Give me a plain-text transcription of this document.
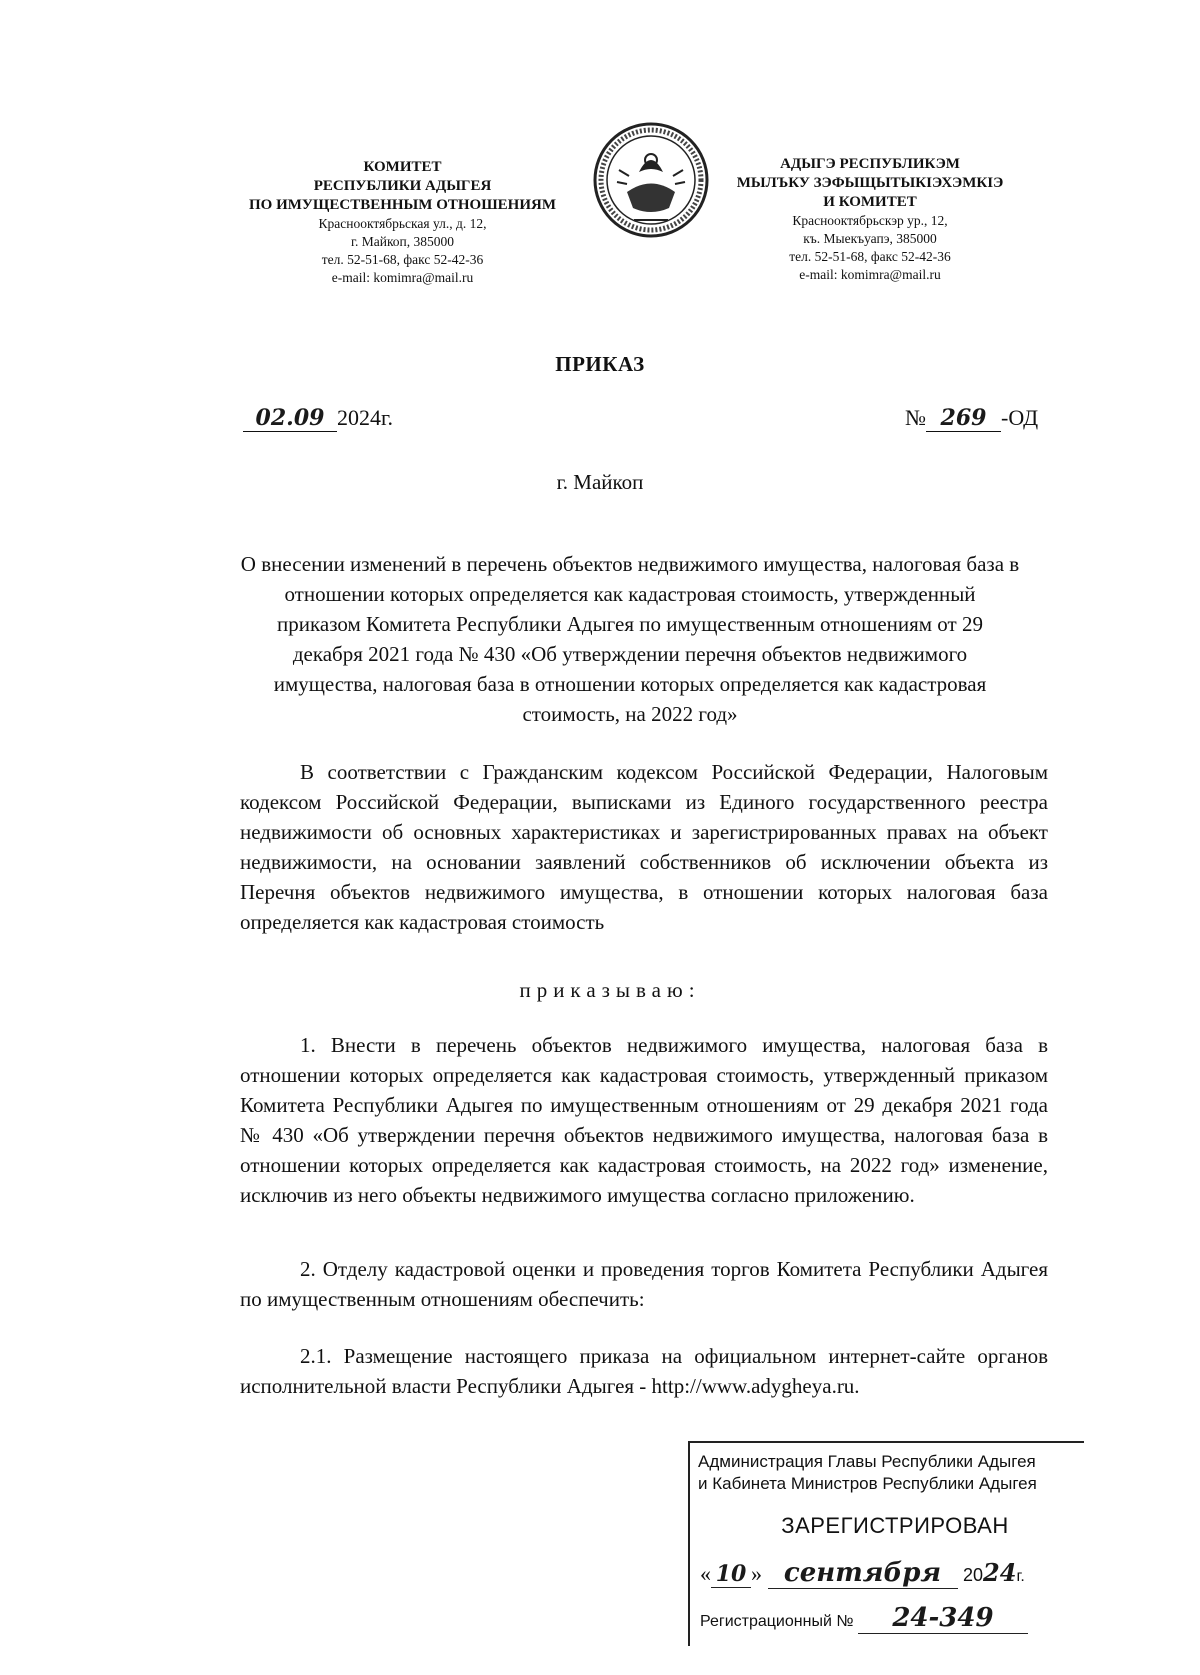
КОМИТЕТ
РЕСПУБЛИКИ АДЫГЕЯ
ПО ИМУЩЕСТВЕННЫМ ОТНОШЕНИЯМ
Краснооктябрьская ул., д. 12,
г. Майкоп, 385000
тел. 52-51-68, факс 52-42-36
e-mail: komimra@mail.ru
АДЫГЭ РЕСПУБЛИКЭМ
МЫЛЪКУ ЗЭФЫЩЫТЫКIЭХЭМКIЭ
И КОМИТЕТ
Краснооктябрьскэр ур., 12,
къ. Мыекъуапэ, 385000
тел. 52-51-68, факс 52-42-36
e-mail: komimra@mail.ru
ПРИКАЗ
02.09 2024г.	№ 269 -ОД
г. Майкоп
О внесении изменений в перечень объектов недвижимого имущества, налоговая база в отношении которых определяется как кадастровая стоимость, утвержденный приказом Комитета Республики Адыгея по имущественным отношениям от 29 декабря 2021 года № 430 «Об утверждении перечня объектов недвижимого имущества, налоговая база в отношении которых определяется как кадастровая стоимость, на 2022 год»
В соответствии с Гражданским кодексом Российской Федерации, Налоговым кодексом Российской Федерации, выписками из Единого государственного реестра недвижимости об основных характеристиках и зарегистрированных правах на объект недвижимости, на основании заявлений собственников об исключении объекта из Перечня объектов недвижимого имущества, в отношении которых налоговая база определяется как кадастровая стоимость
приказываю:
1. Внести в перечень объектов недвижимого имущества, налоговая база в отношении которых определяется как кадастровая стоимость, утвержденный приказом Комитета Республики Адыгея по имущественным отношениям от 29 декабря 2021 года № 430 «Об утверждении перечня объектов недвижимого имущества, налоговая база в отношении которых определяется как кадастровая стоимость, на 2022 год» изменение, исключив из него объекты недвижимого имущества согласно приложению.
2. Отделу кадастровой оценки и проведения торгов Комитета Республики Адыгея по имущественным отношениям обеспечить:
2.1. Размещение настоящего приказа на официальном интернет-сайте органов исполнительной власти Республики Адыгея - http://www.adygheya.ru.
Администрация Главы Республики Адыгея
и Кабинета Министров Республики Адыгея
ЗАРЕГИСТРИРОВАН
« 10 » сентября 2024г.
Регистрационный № 24-349
